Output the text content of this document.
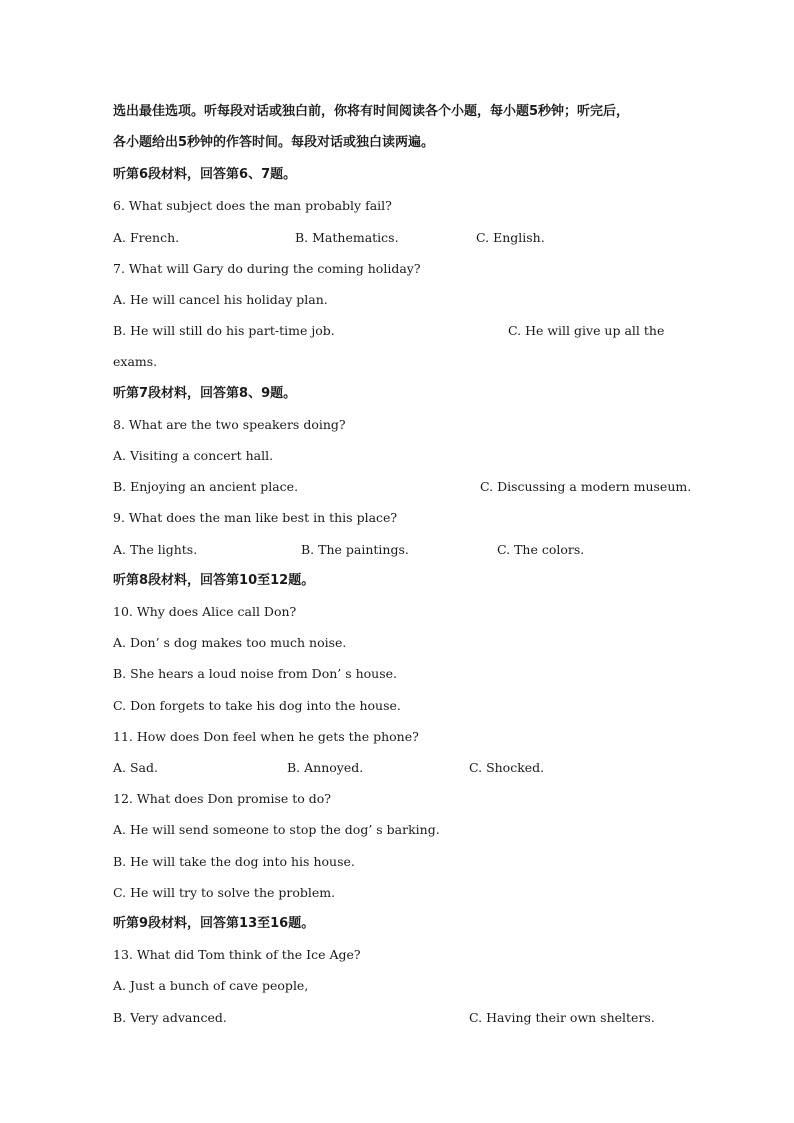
选出最佳选项。听每段对话或独白前，你将有时间阅读各个小题，每小题5秒钟；听完后，
各小题给出5秒钟的作答时间。每段对话或独白读两遍。
听第6段材料，回答第6、7题。
6. What subject does the man probably fail?
A. French.	B. Mathematics.	C. English.
7. What will Gary do during the coming holiday?
A. He will cancel his holiday plan.
B. He will still do his part-time job.	C. He will give up all the
exams.
听第7段材料，回答第8、9题。
8. What are the two speakers doing?
A. Visiting a concert hall.
B. Enjoying an ancient place.	C. Discussing a modern museum.
9. What does the man like best in this place?
A. The lights.	B. The paintings.	C. The colors.
听第8段材料，回答第10至12题。
10. Why does Alice call Don?
A. Don’ s dog makes too much noise.
B. She hears a loud noise from Don’ s house.
C. Don forgets to take his dog into the house.
11. How does Don feel when he gets the phone?
A. Sad.	B. Annoyed.	C. Shocked.
12. What does Don promise to do?
A. He will send someone to stop the dog’ s barking.
B. He will take the dog into his house.
C. He will try to solve the problem.
听第9段材料，回答第13至16题。
13. What did Tom think of the Ice Age?
A. Just a bunch of cave people,
B. Very advanced.	C. Having their own shelters.
